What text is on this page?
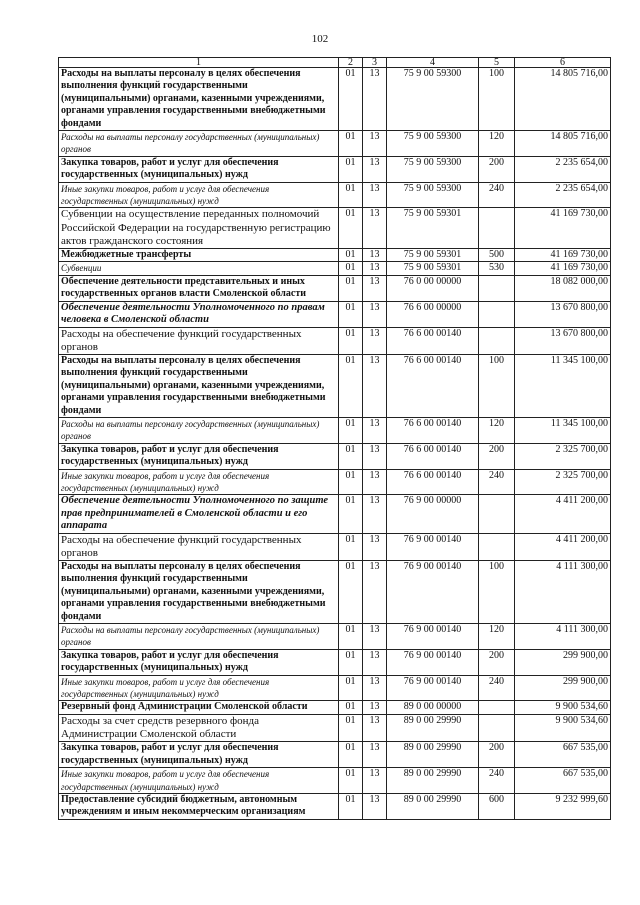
102
1	2	3	4	5	6
Расходы на выплаты персоналу в целях обеспечения выполнения функций государственными (муниципальными) органами, казенными учреждениями, органами управления государственными внебюджетными фондами	01	13	75 9 00 59300	100	14 805 716,00
Расходы на выплаты персоналу государственных (муниципальных) органов	01	13	75 9 00 59300	120	14 805 716,00
Закупка товаров, работ и услуг для обеспечения государственных (муниципальных) нужд	01	13	75 9 00 59300	200	2 235 654,00
Иные закупки товаров, работ и услуг для обеспечения государственных (муниципальных) нужд	01	13	75 9 00 59300	240	2 235 654,00
Субвенции на осуществление переданных полномочий Российской Федерации на государственную регистрацию актов гражданского состояния	01	13	75 9 00 59301		41 169 730,00
Межбюджетные трансферты	01	13	75 9 00 59301	500	41 169 730,00
Субвенции	01	13	75 9 00 59301	530	41 169 730,00
Обеспечение деятельности представительных и иных государственных органов власти Смоленской области	01	13	76 0 00 00000		18 082 000,00
Обеспечение деятельности Уполномоченного по правам человека в Смоленской области	01	13	76 6 00 00000		13 670 800,00
Расходы на обеспечение функций государственных органов	01	13	76 6 00 00140		13 670 800,00
Расходы на выплаты персоналу в целях обеспечения выполнения функций государственными (муниципальными) органами, казенными учреждениями, органами управления государственными внебюджетными фондами	01	13	76 6 00 00140	100	11 345 100,00
Расходы на выплаты персоналу государственных (муниципальных) органов	01	13	76 6 00 00140	120	11 345 100,00
Закупка товаров, работ и услуг для обеспечения государственных (муниципальных) нужд	01	13	76 6 00 00140	200	2 325 700,00
Иные закупки товаров, работ и услуг для обеспечения государственных (муниципальных) нужд	01	13	76 6 00 00140	240	2 325 700,00
Обеспечение деятельности Уполномоченного по защите прав предпринимателей в Смоленской области и его аппарата	01	13	76 9 00 00000		4 411 200,00
Расходы на обеспечение функций государственных органов	01	13	76 9 00 00140		4 411 200,00
Расходы на выплаты персоналу в целях обеспечения выполнения функций государственными (муниципальными) органами, казенными учреждениями, органами управления государственными внебюджетными фондами	01	13	76 9 00 00140	100	4 111 300,00
Расходы на выплаты персоналу государственных (муниципальных) органов	01	13	76 9 00 00140	120	4 111 300,00
Закупка товаров, работ и услуг для обеспечения государственных (муниципальных) нужд	01	13	76 9 00 00140	200	299 900,00
Иные закупки товаров, работ и услуг для обеспечения государственных (муниципальных) нужд	01	13	76 9 00 00140	240	299 900,00
Резервный фонд Администрации Смоленской области	01	13	89 0 00 00000		9 900 534,60
Расходы за счет средств резервного фонда Администрации Смоленской области	01	13	89 0 00 29990		9 900 534,60
Закупка товаров, работ и услуг для обеспечения государственных (муниципальных) нужд	01	13	89 0 00 29990	200	667 535,00
Иные закупки товаров, работ и услуг для обеспечения государственных (муниципальных) нужд	01	13	89 0 00 29990	240	667 535,00
Предоставление субсидий бюджетным, автономным учреждениям и иным некоммерческим организациям	01	13	89 0 00 29990	600	9 232 999,60
